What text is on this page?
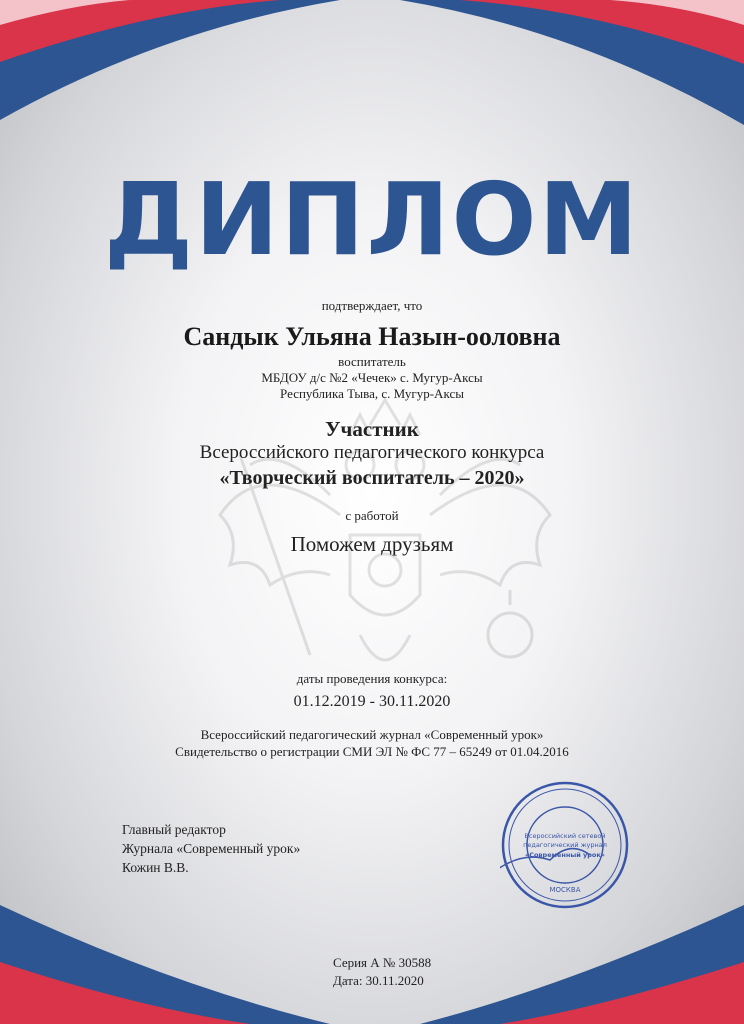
ДИПЛОМ
подтверждает, что
Сандык Ульяна Назын-ооловна
воспитатель
МБДОУ д/с №2 «Чечек» с. Мугур-Аксы
Республика Тыва, с. Мугур-Аксы
Участник
Всероссийского педагогического конкурса
«Творческий воспитатель – 2020»
с работой
Поможем друзьям
даты проведения конкурса:
01.12.2019 - 30.11.2020
Всероссийский педагогический журнал «Современный урок»
Свидетельство о регистрации СМИ ЭЛ № ФС 77 – 65249 от 01.04.2016
Главный редактор
Журнала «Современный урок»
Кожин В.В.
Всероссийский сетевой
педагогический журнал
«Современный урок»
МОСКВА
Серия А № 30588
Дата: 30.11.2020
